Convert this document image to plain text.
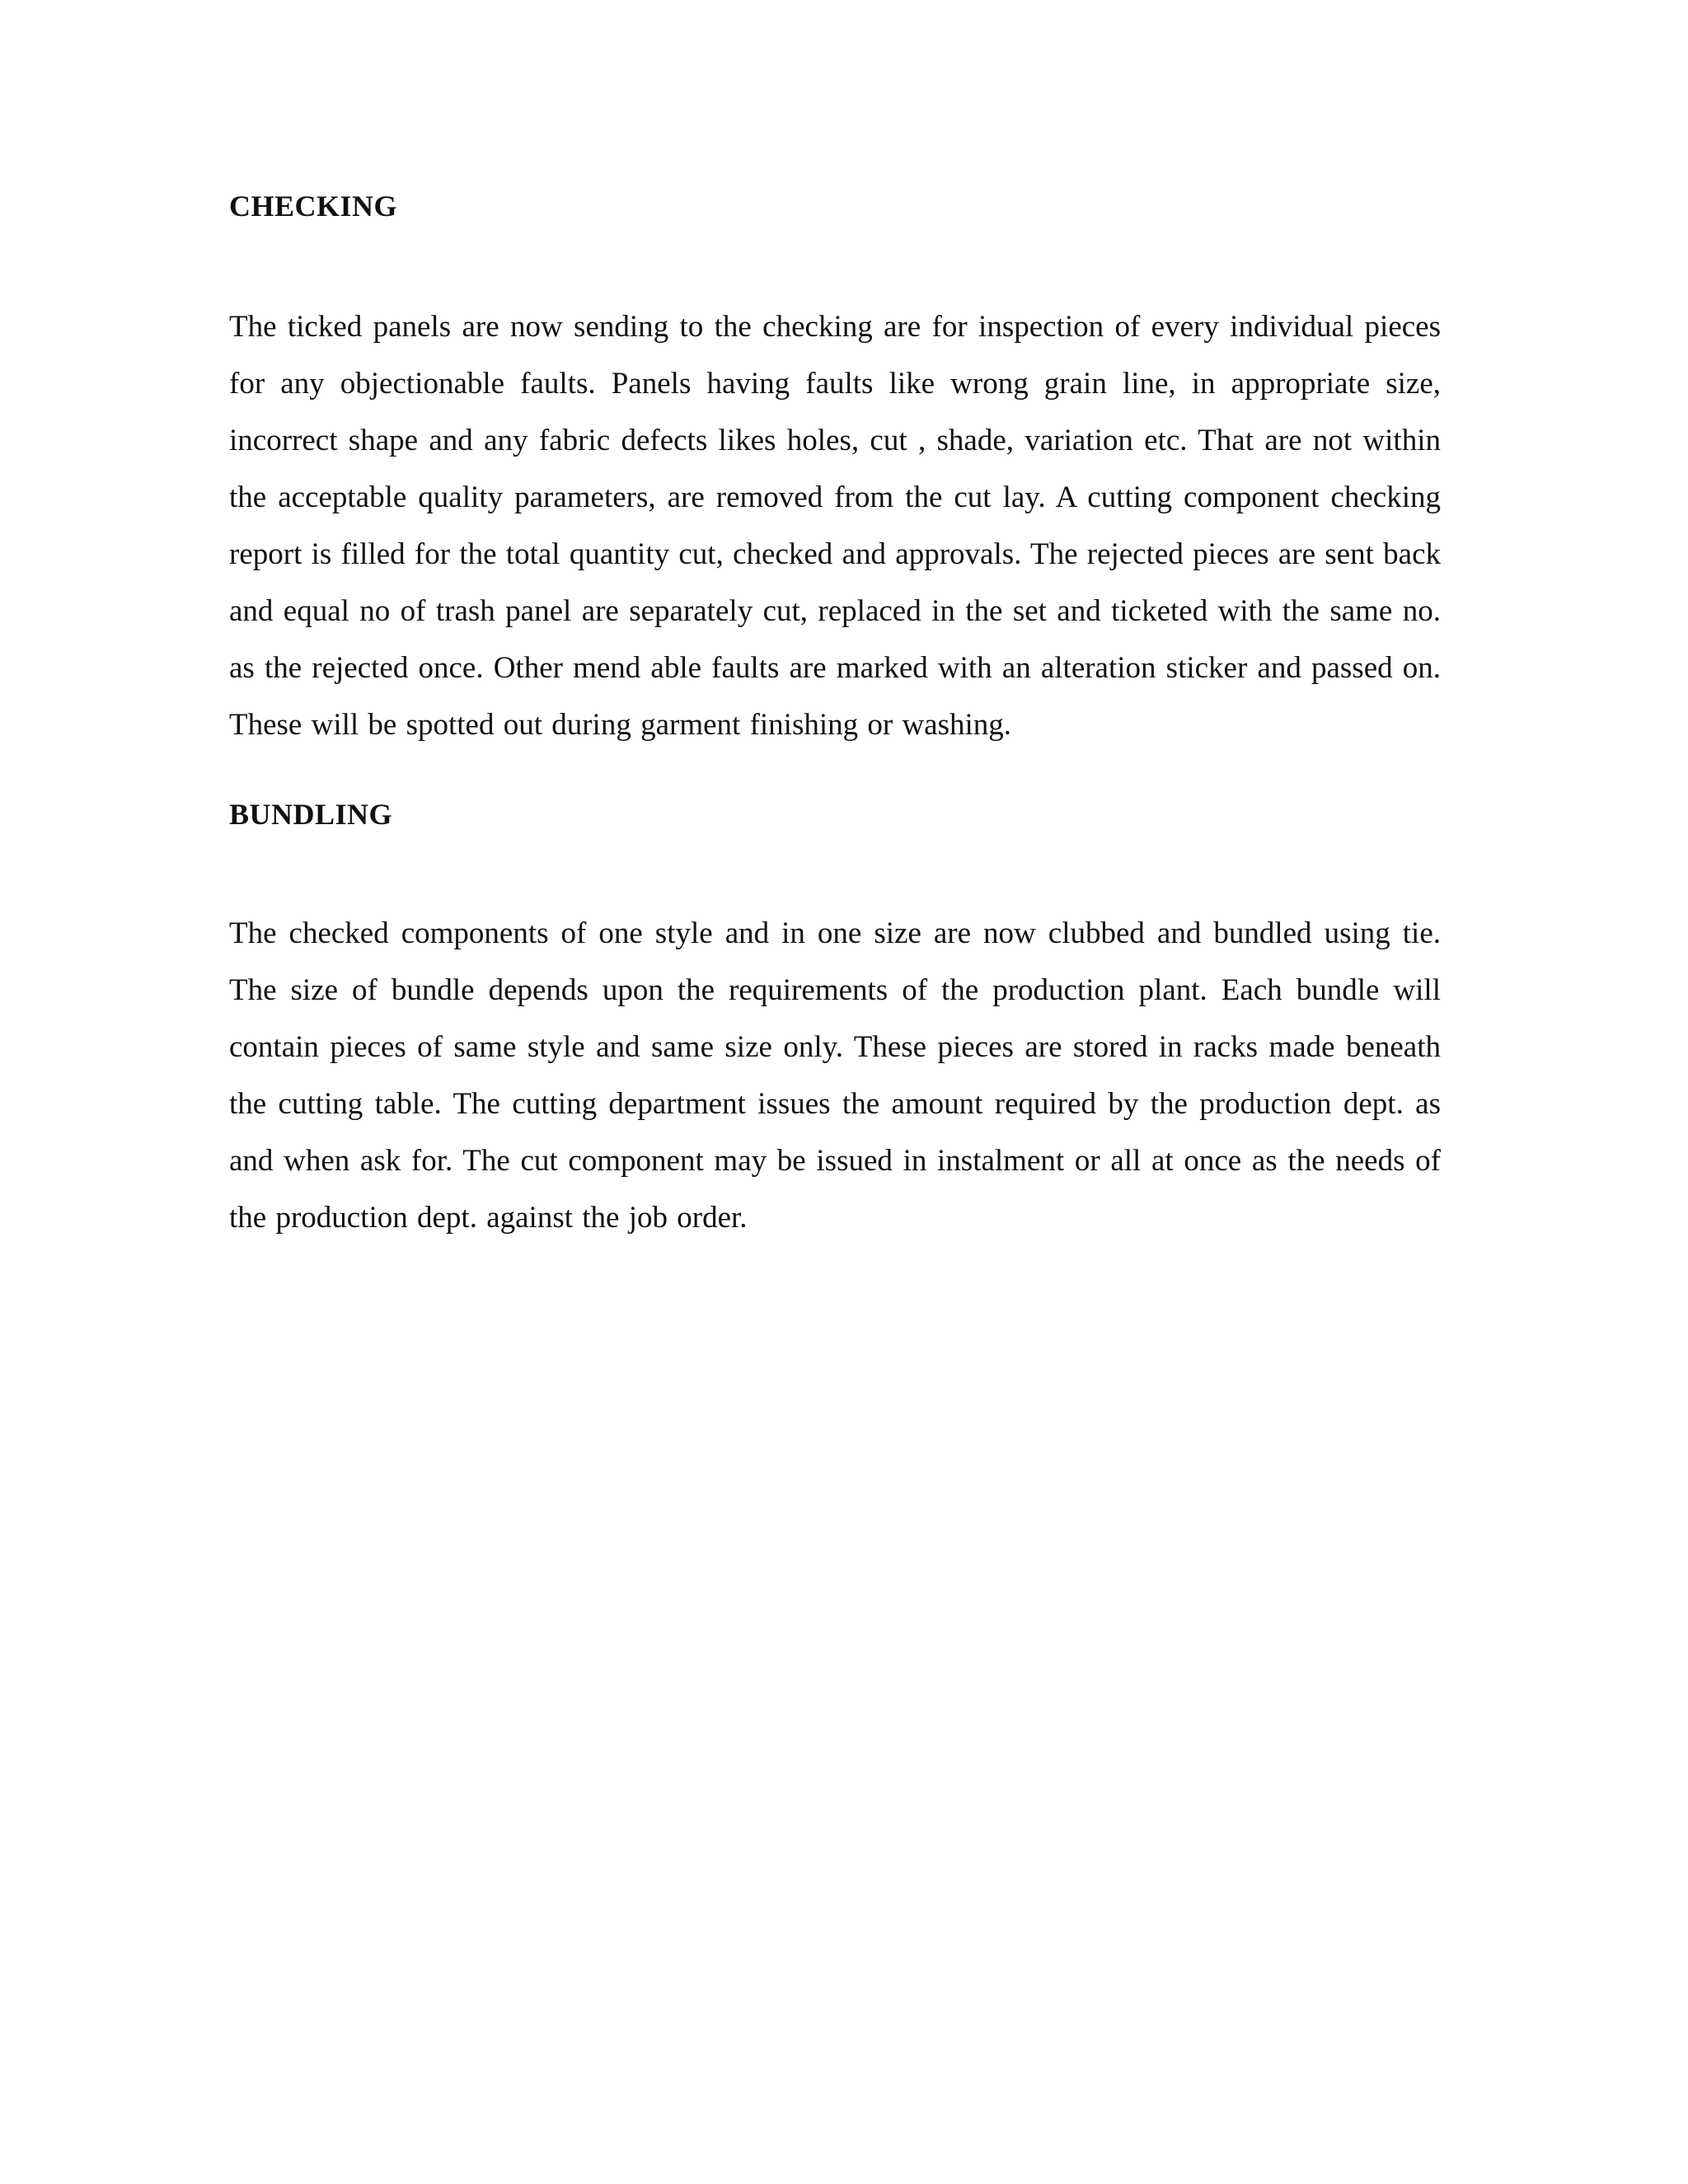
CHECKING

The ticked panels are now sending to the checking are for inspection of every individual pieces for any objectionable faults. Panels having faults like wrong grain line, in appropriate size, incorrect shape and any fabric defects likes holes, cut , shade, variation etc. That are not within the acceptable quality parameters, are removed from the cut lay. A cutting component checking report is filled for the total quantity cut, checked and approvals. The rejected pieces are sent back and equal no of trash panel are separately cut, replaced in the set and ticketed with the same no. as the rejected once. Other mend able faults are marked with an alteration sticker and passed on. These will be spotted out during garment finishing or washing.

BUNDLING

The checked components of one style and in one size are now clubbed and bundled using tie. The size of bundle depends upon the requirements of the production plant. Each bundle will contain pieces of same style and same size only. These pieces are stored in racks made beneath the cutting table. The cutting department issues the amount required by the production dept. as and when ask for. The cut component may be issued in instalment or all at once as the needs of the production dept. against the job order.
